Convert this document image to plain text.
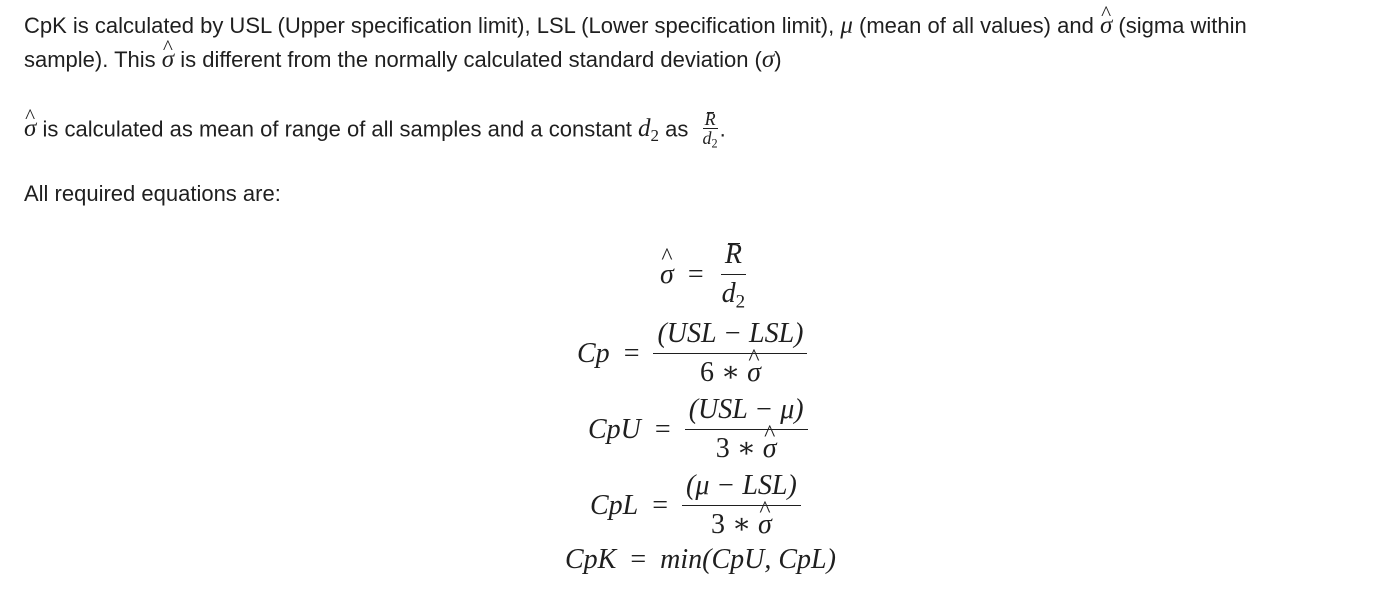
CpK is calculated by USL (Upper specification limit), LSL (Lower specification limit), μ (mean of all values) and ^ σ (sigma within
sample). This ^ σ is different from the normally calculated standard deviation (σ)
^ σ is calculated as mean of range of all samples and a constant $d_2$ as $\frac{R}{d_2}$ .
All required equations are:
^ $\sigma = \frac{R}{d_2}$
$Cp = \frac{\text{(USL − LSL)}}{6 ∗ \^{} \sigma}$
CpU = $\frac{\text{(USL − μ)}}{3 ∗ \^{} \sigma}$
CpL = $\frac{\text{(μ − LSL)}}{3 ∗ \^{} \sigma}$
CpK = min(CpU, CpL)
